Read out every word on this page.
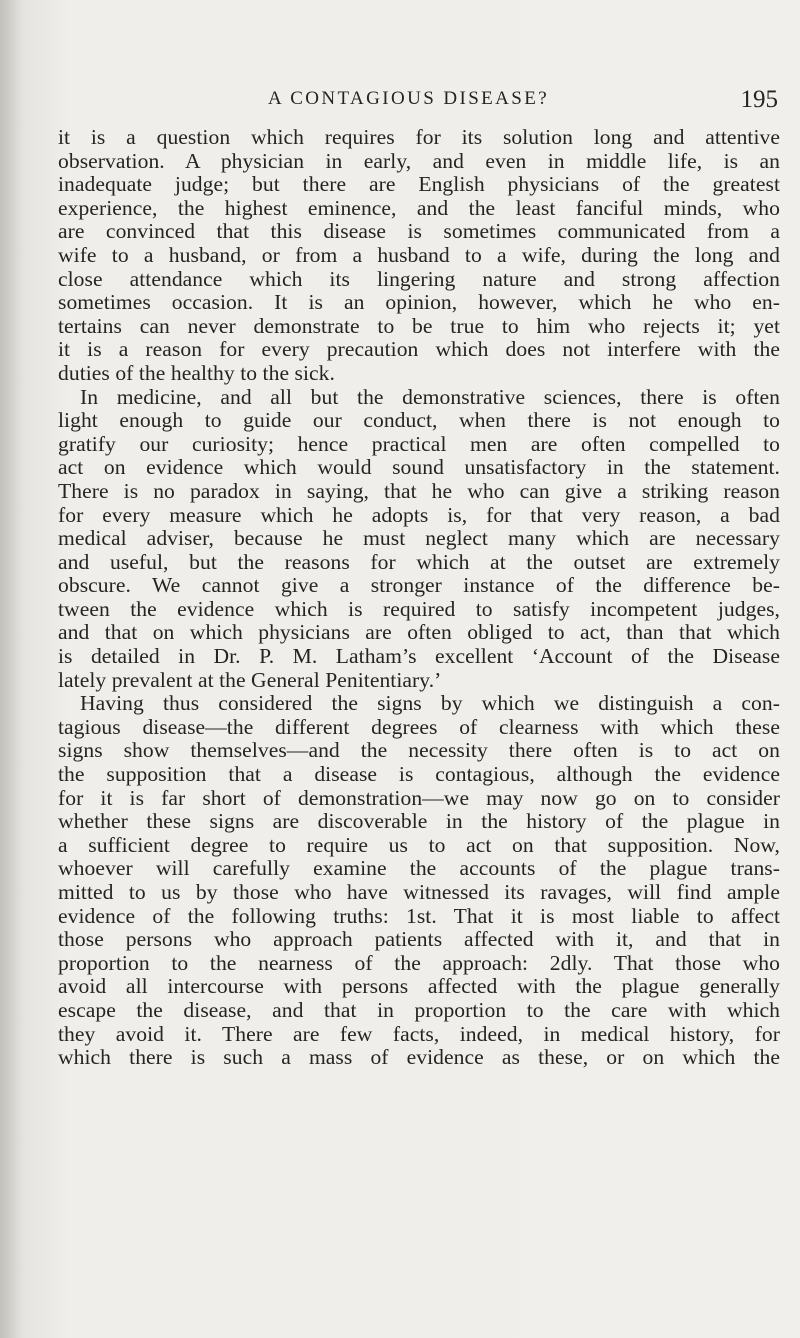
A CONTAGIOUS DISEASE?	195
it is a question which requires for its solution long and attentive
observation. A physician in early, and even in middle life, is an
inadequate judge; but there are English physicians of the greatest
experience, the highest eminence, and the least fanciful minds, who
are convinced that this disease is sometimes communicated from a
wife to a husband, or from a husband to a wife, during the long and
close attendance which its lingering nature and strong affection
sometimes occasion. It is an opinion, however, which he who en-
tertains can never demonstrate to be true to him who rejects it; yet
it is a reason for every precaution which does not interfere with the
duties of the healthy to the sick.
In medicine, and all but the demonstrative sciences, there is often
light enough to guide our conduct, when there is not enough to
gratify our curiosity; hence practical men are often compelled to
act on evidence which would sound unsatisfactory in the statement.
There is no paradox in saying, that he who can give a striking reason
for every measure which he adopts is, for that very reason, a bad
medical adviser, because he must neglect many which are necessary
and useful, but the reasons for which at the outset are extremely
obscure. We cannot give a stronger instance of the difference be-
tween the evidence which is required to satisfy incompetent judges,
and that on which physicians are often obliged to act, than that which
is detailed in Dr. P. M. Latham’s excellent ‘Account of the Disease
lately prevalent at the General Penitentiary.’
Having thus considered the signs by which we distinguish a con-
tagious disease—the different degrees of clearness with which these
signs show themselves—and the necessity there often is to act on
the supposition that a disease is contagious, although the evidence
for it is far short of demonstration—we may now go on to consider
whether these signs are discoverable in the history of the plague in
a sufficient degree to require us to act on that supposition. Now,
whoever will carefully examine the accounts of the plague trans-
mitted to us by those who have witnessed its ravages, will find ample
evidence of the following truths: 1st. That it is most liable to affect
those persons who approach patients affected with it, and that in
proportion to the nearness of the approach: 2dly. That those who
avoid all intercourse with persons affected with the plague generally
escape the disease, and that in proportion to the care with which
they avoid it. There are few facts, indeed, in medical history, for
which there is such a mass of evidence as these, or on which the
